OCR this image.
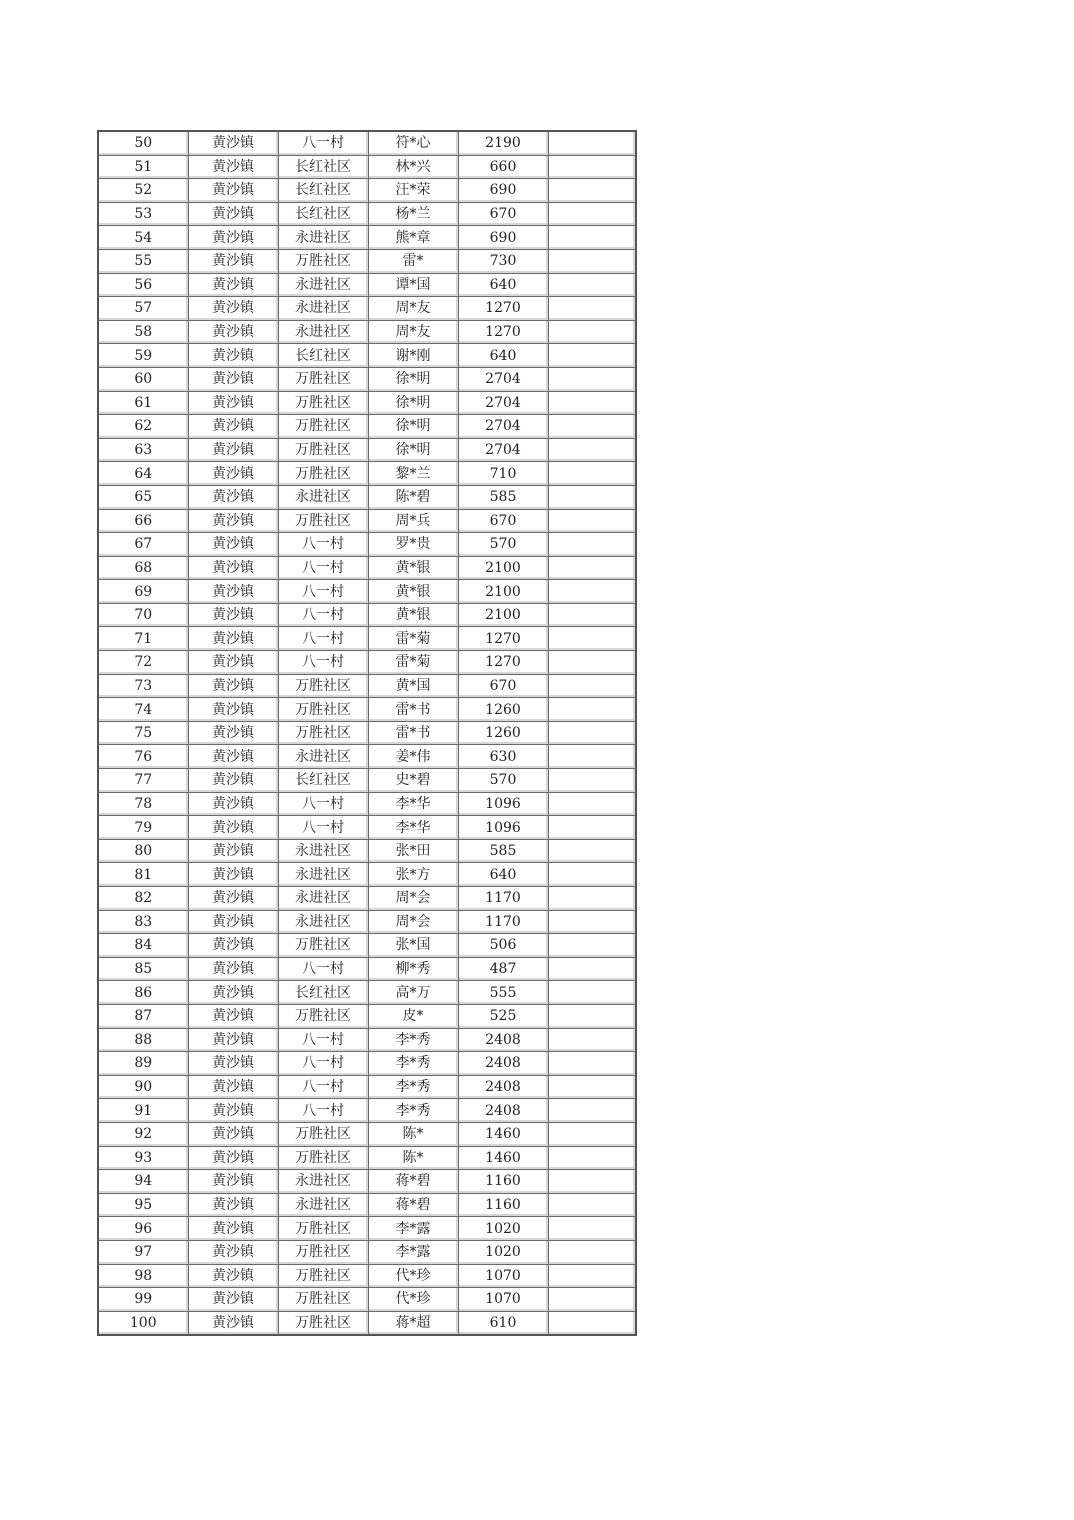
50	黄沙镇	八一村	符*心	2190	
51	黄沙镇	长红社区	林*兴	660	
52	黄沙镇	长红社区	汪*荣	690	
53	黄沙镇	长红社区	杨*兰	670	
54	黄沙镇	永进社区	熊*章	690	
55	黄沙镇	万胜社区	雷*	730	
56	黄沙镇	永进社区	谭*国	640	
57	黄沙镇	永进社区	周*友	1270	
58	黄沙镇	永进社区	周*友	1270	
59	黄沙镇	长红社区	谢*刚	640	
60	黄沙镇	万胜社区	徐*明	2704	
61	黄沙镇	万胜社区	徐*明	2704	
62	黄沙镇	万胜社区	徐*明	2704	
63	黄沙镇	万胜社区	徐*明	2704	
64	黄沙镇	万胜社区	黎*兰	710	
65	黄沙镇	永进社区	陈*碧	585	
66	黄沙镇	万胜社区	周*兵	670	
67	黄沙镇	八一村	罗*贵	570	
68	黄沙镇	八一村	黄*银	2100	
69	黄沙镇	八一村	黄*银	2100	
70	黄沙镇	八一村	黄*银	2100	
71	黄沙镇	八一村	雷*菊	1270	
72	黄沙镇	八一村	雷*菊	1270	
73	黄沙镇	万胜社区	黄*国	670	
74	黄沙镇	万胜社区	雷*书	1260	
75	黄沙镇	万胜社区	雷*书	1260	
76	黄沙镇	永进社区	姜*伟	630	
77	黄沙镇	长红社区	史*碧	570	
78	黄沙镇	八一村	李*华	1096	
79	黄沙镇	八一村	李*华	1096	
80	黄沙镇	永进社区	张*田	585	
81	黄沙镇	永进社区	张*方	640	
82	黄沙镇	永进社区	周*会	1170	
83	黄沙镇	永进社区	周*会	1170	
84	黄沙镇	万胜社区	张*国	506	
85	黄沙镇	八一村	柳*秀	487	
86	黄沙镇	长红社区	高*万	555	
87	黄沙镇	万胜社区	皮*	525	
88	黄沙镇	八一村	李*秀	2408	
89	黄沙镇	八一村	李*秀	2408	
90	黄沙镇	八一村	李*秀	2408	
91	黄沙镇	八一村	李*秀	2408	
92	黄沙镇	万胜社区	陈*	1460	
93	黄沙镇	万胜社区	陈*	1460	
94	黄沙镇	永进社区	蒋*碧	1160	
95	黄沙镇	永进社区	蒋*碧	1160	
96	黄沙镇	万胜社区	李*露	1020	
97	黄沙镇	万胜社区	李*露	1020	
98	黄沙镇	万胜社区	代*珍	1070	
99	黄沙镇	万胜社区	代*珍	1070	
100	黄沙镇	万胜社区	蒋*超	610	
